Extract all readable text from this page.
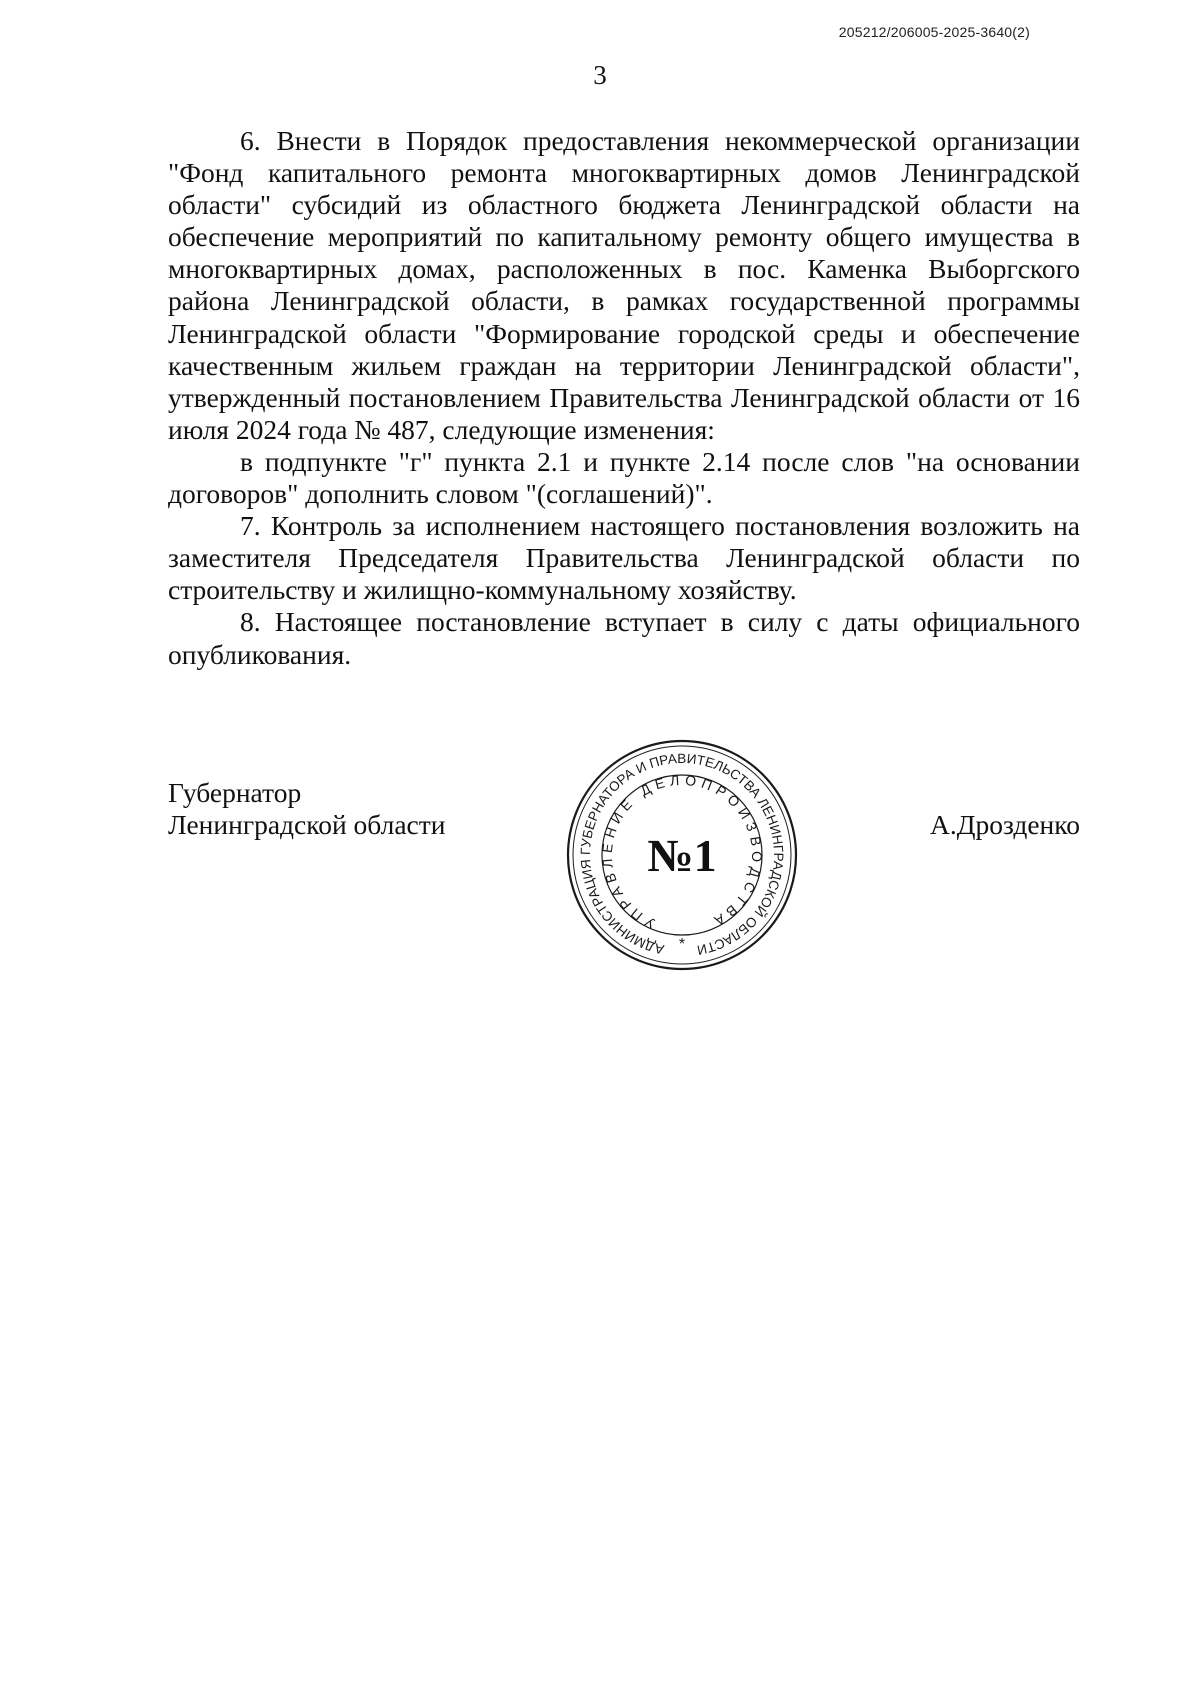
205212/206005-2025-3640(2)
3

6. Внести в Порядок предоставления некоммерческой организации "Фонд капитального ремонта многоквартирных домов Ленинградской области" субсидий из областного бюджета Ленинградской области на обеспечение мероприятий по капитальному ремонту общего имущества в многоквартирных домах, расположенных в пос. Каменка Выборгского района Ленинградской области, в рамках государственной программы Ленинградской области "Формирование городской среды и обеспечение качественным жильем граждан на территории Ленинградской области", утвержденный постановлением Правительства Ленинградской области от 16 июля 2024 года № 487, следующие изменения:

в подпункте "г" пункта 2.1 и пункте 2.14 после слов "на основании договоров" дополнить словом "(соглашений)".

7. Контроль за исполнением настоящего постановления возложить на заместителя Председателя Правительства Ленинградской области по строительству и жилищно-коммунальному хозяйству.

8. Настоящее постановление вступает в силу с даты официального опубликования.

Губернатор
Ленинградской области	А.Дрозденко
АДМИНИСТРАЦИЯ ГУБЕРНАТОРА И ПРАВИТЕЛЬСТВА ЛЕНИНГРАДСКОЙ ОБЛАСТИ
УПРАВЛЕНИЕ ДЕЛОПРОИЗВОДСТВА
№1
*
